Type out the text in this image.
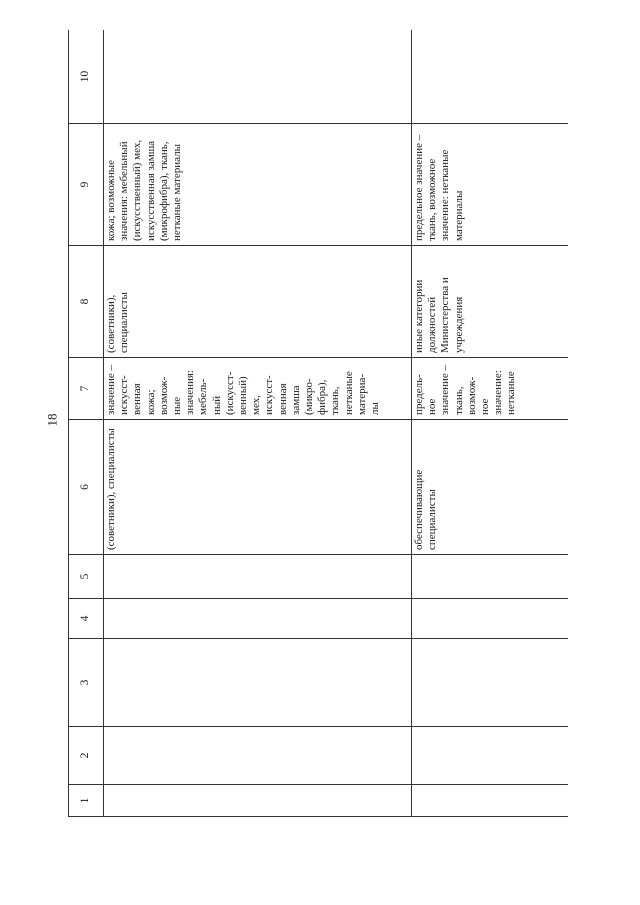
18
1	2	3	4	5	6	7	8	9	10
					(советники), специалисты	значение – искусст-венная кожа; возмож-ные значения: мебель-ный (искусст-венный) мех, искусст-венная замша (микро-фибра), ткань, нетканые материа-лы	(советники), специалисты	кожа; возможные значения: мебельный (искусственный) мех, искусственная замша (микрофибра), ткань, нетканые материалы	
					обеспечивающие специалисты	предель-ное значение – ткань, возмож-ное значение: нетканые	иные категории должностей Министерства и учреждения	предельное значение – ткань, возможное значение: нетканые материалы	
